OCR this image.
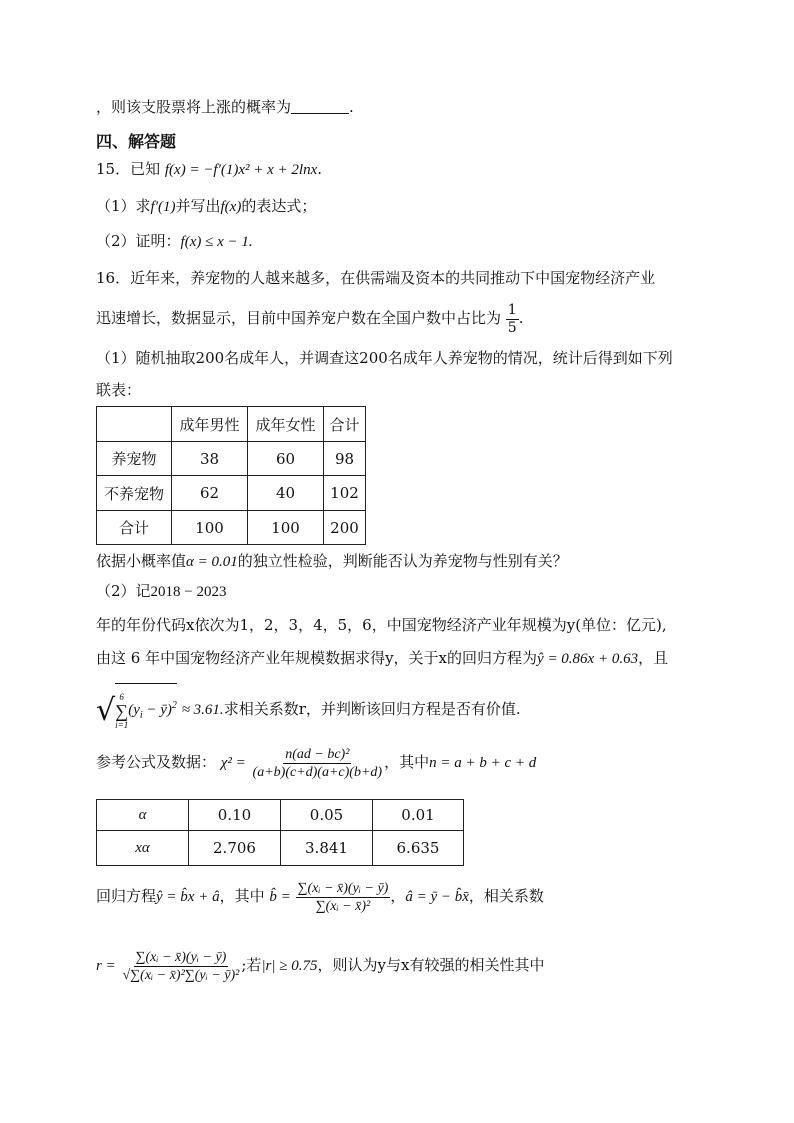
，则该支股票将上涨的概率为	.
四、解答题
15．已知 f(x) = −f′(1)x² + x + 2lnx.
（1）求f′(1)并写出f(x)的表达式；
（2）证明：f(x) ≤ x − 1.
16．近年来，养宠物的人越来越多，在供需端及资本的共同推动下中国宠物经济产业
迅速增长，数据显示，目前中国养宠户数在全国户数中占比为 $\frac{1}{5}$ .
（1）随机抽取200名成年人，并调查这200名成年人养宠物的情况，统计后得到如下列
联表：
	成年男性	成年女性	合计
养宠物	38	60	98
不养宠物	62	40	102
合计	100	100	200
依据小概率值α = 0.01的独立性检验，判断能否认为养宠物与性别有关？
（2）记2018 − 2023
年的年份代码x依次为1，2，3，4，5，6，中国宠物经济产业年规模为y(单位：亿元),
由这 6 年中国宠物经济产业年规模数据求得y，关于x的回归方程为ŷ = 0.86x + 0.63，且
√ 6
∑
i=1
($y_i$ − ȳ)$^2$ ≈ 3.61.求相关系数r，并判断该回归方程是否有价值.
参考公式及数据： $\chi^2 = \frac{\text{n(ad − bc)²}}{(a+b)(c+d)(a+c)(b+d)}$ ，其中n = a + b + c + d
α	0.10	0.05	0.01
xα	2.706	3.841	6.635
回归方程ŷ = b̂x + â，其中 b̂ = $\frac{\text{∑(xᵢ − x̄)(yᵢ − ȳ)}}{\text{∑(xᵢ − x̄)²}}$ ，â = ȳ − b̂x̄，相关系数
$r = \frac{\text{∑(xᵢ − x̄)(yᵢ − ȳ)}}{\text{√∑(xᵢ − x̄)²∑(yᵢ − ȳ)²}}$ ;若|r| ≥ 0.75，则认为y与x有较强的相关性其中
